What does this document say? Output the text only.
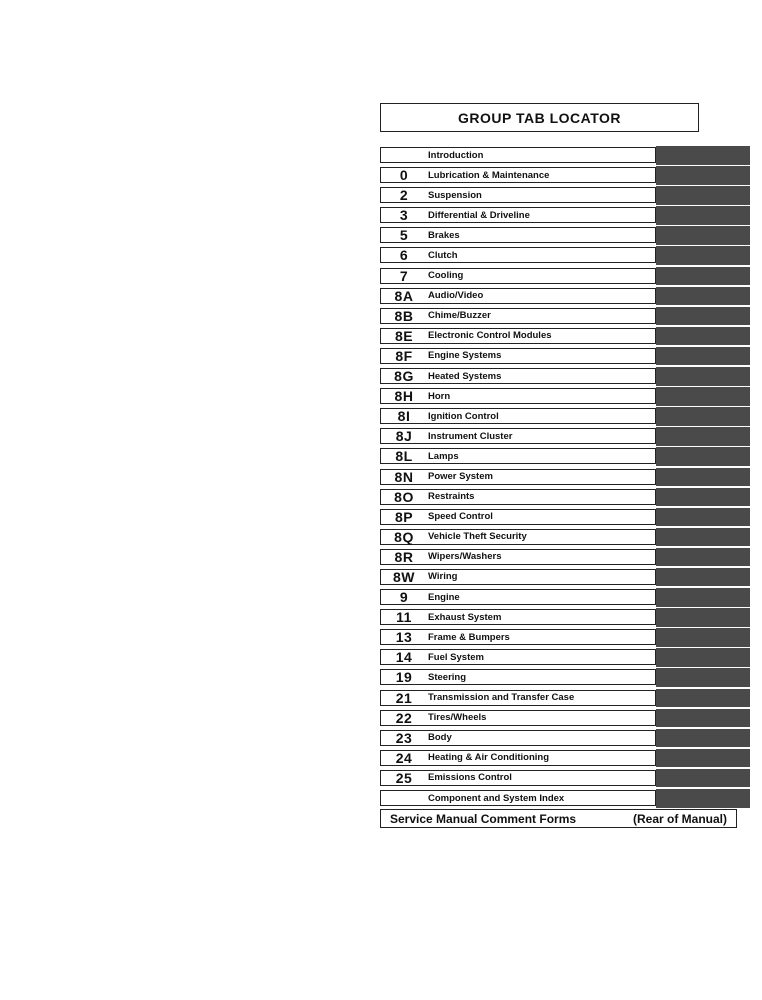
GROUP TAB LOCATOR
Introduction
0	Lubrication & Maintenance
2	Suspension
3	Differential & Driveline
5	Brakes
6	Clutch
7	Cooling
8A	Audio/Video
8B	Chime/Buzzer
8E	Electronic Control Modules
8F	Engine Systems
8G	Heated Systems
8H	Horn
8I	Ignition Control
8J	Instrument Cluster
8L	Lamps
8N	Power System
8O	Restraints
8P	Speed Control
8Q	Vehicle Theft Security
8R	Wipers/Washers
8W	Wiring
9	Engine
11	Exhaust System
13	Frame & Bumpers
14	Fuel System
19	Steering
21	Transmission and Transfer Case
22	Tires/Wheels
23	Body
24	Heating & Air Conditioning
25	Emissions Control
Component and System Index
Service Manual Comment Forms	(Rear of Manual)
